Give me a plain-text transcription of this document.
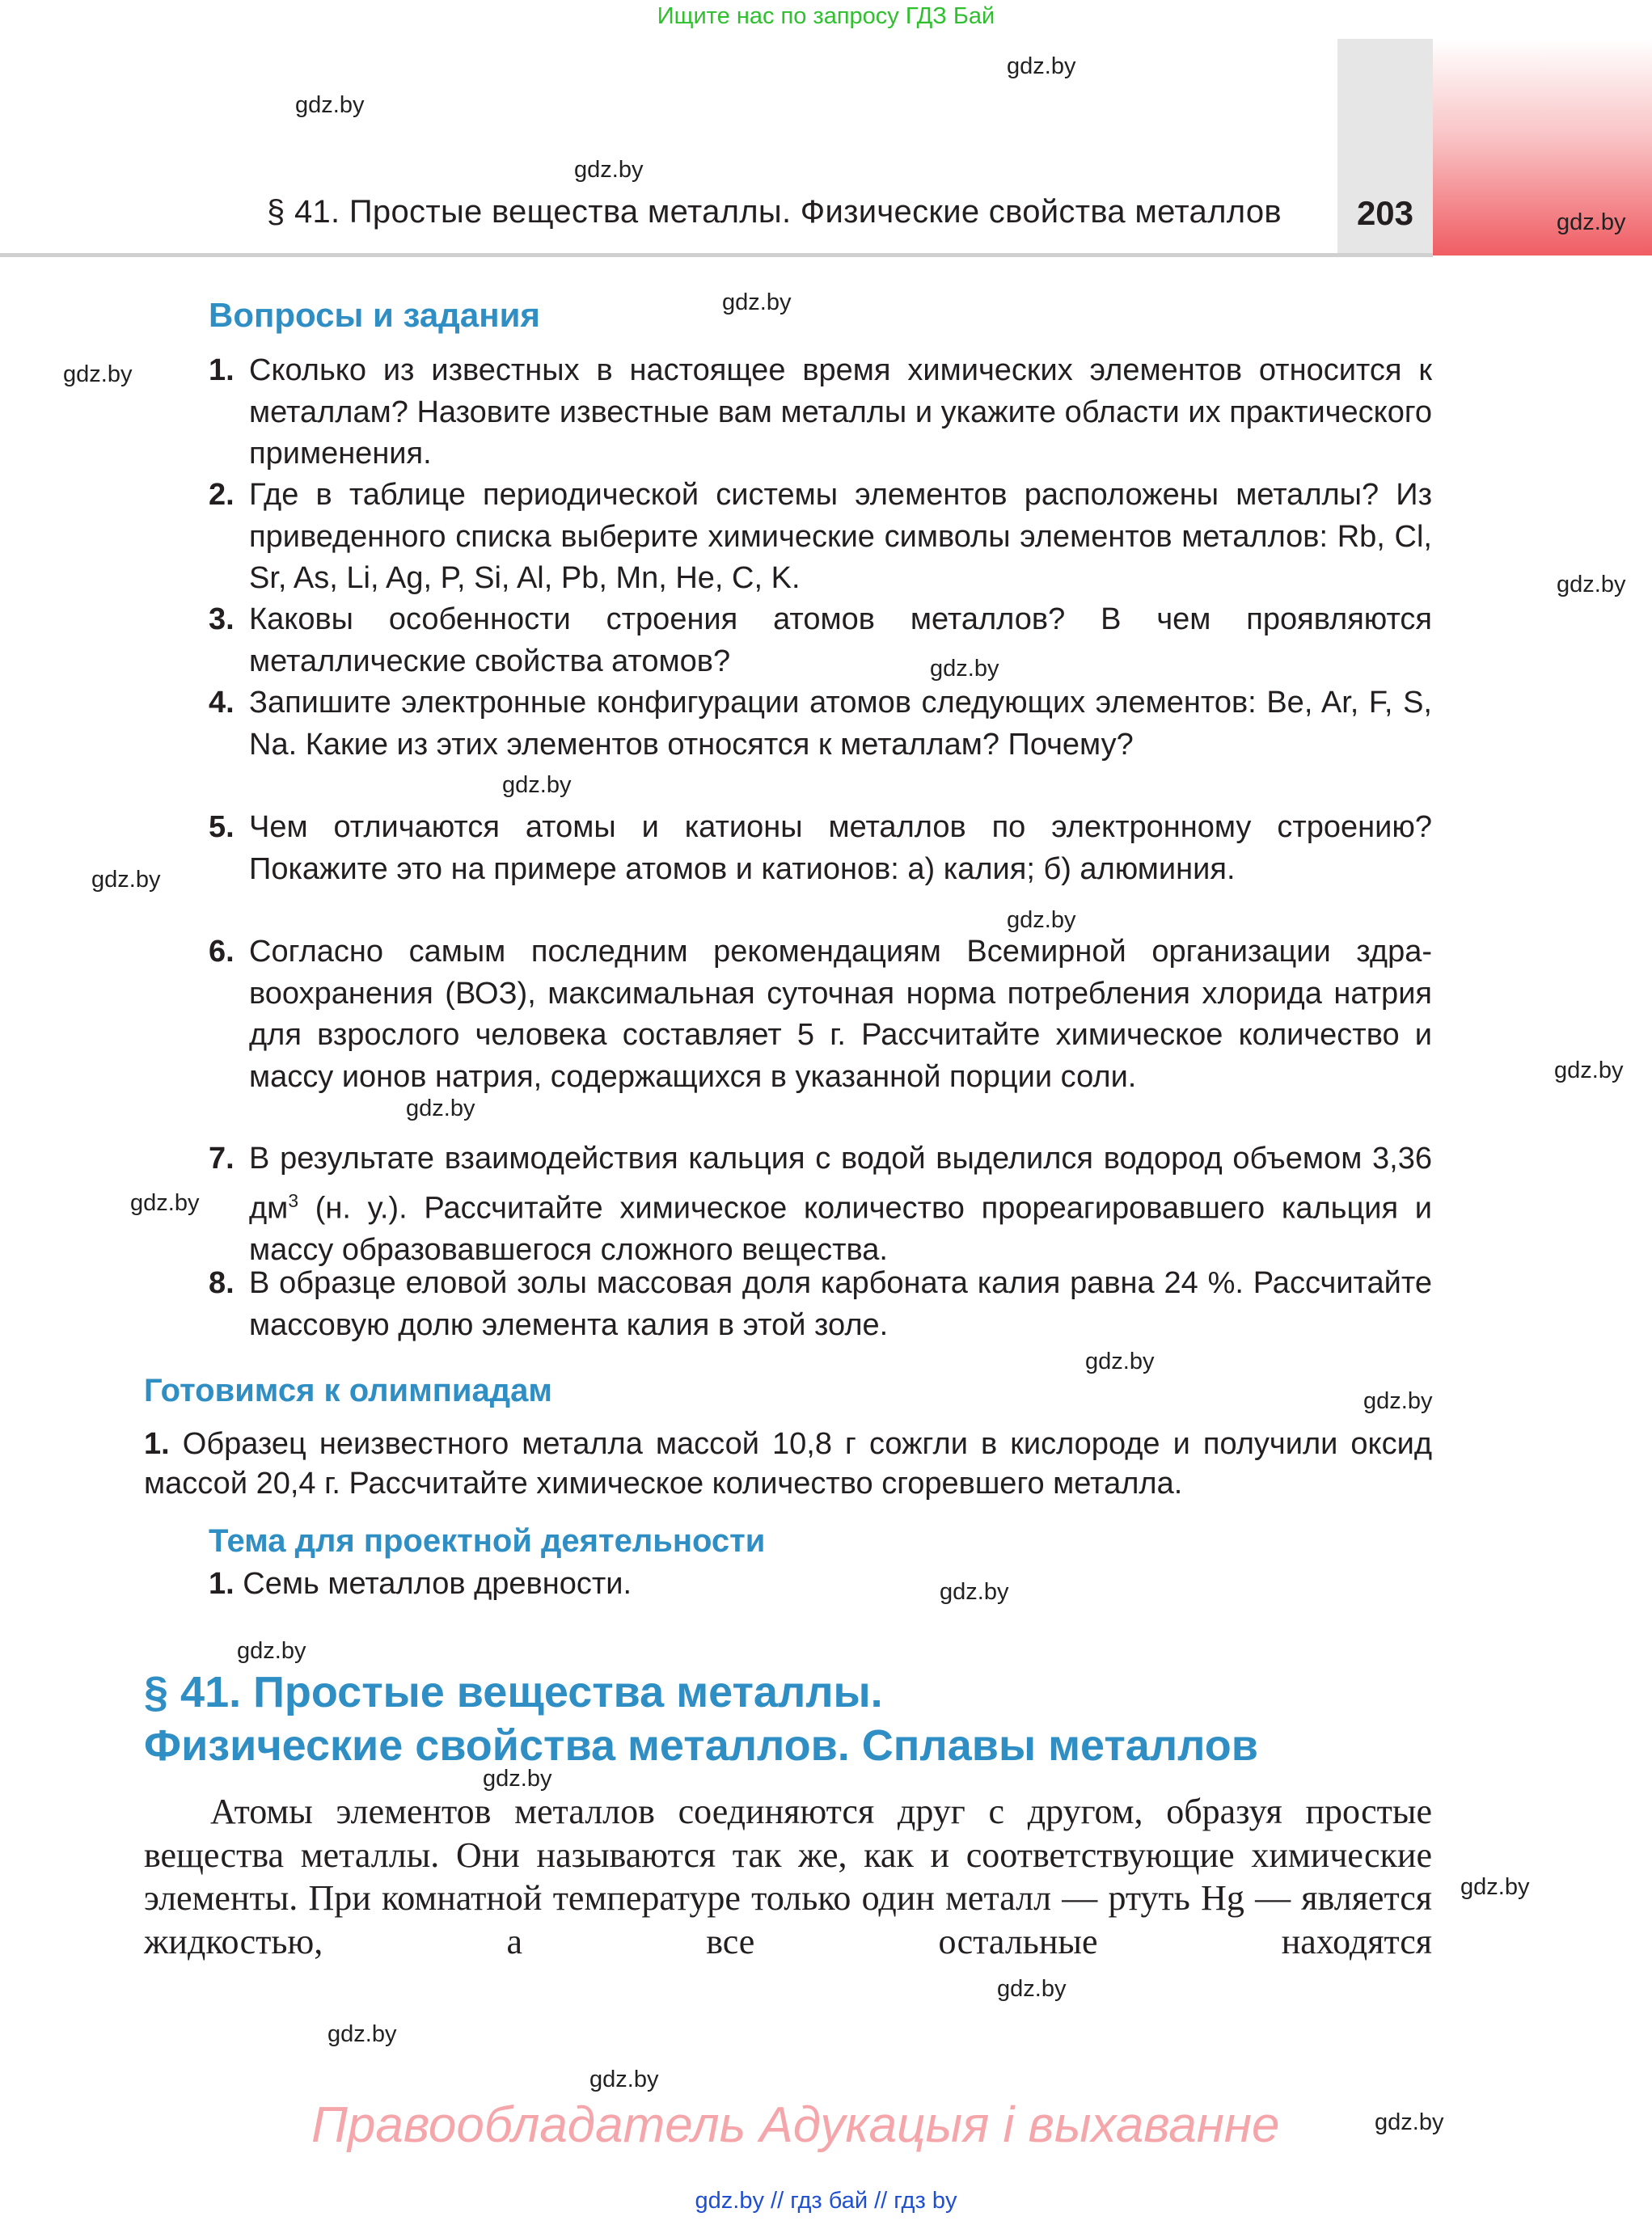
Ищите нас по запросу ГДЗ Бай
§ 41. Простые вещества металлы. Физические свойства металлов	203
Вопросы и задания
1. Сколько из известных в настоящее время химических элементов относится к металлам? Назовите известные вам металлы и укажите области их практического применения.
2. Где в таблице периодической системы элементов расположены металлы? Из приведенного списка выберите химические символы элементов металлов: Rb, Cl, Sr, As, Li, Ag, P, Si, Al, Pb, Mn, He, C, K.
3. Каковы особенности строения атомов металлов? В чем проявляются металлические свойства атомов?
4. Запишите электронные конфигурации атомов следующих элементов: Be, Ar, F, S, Na. Какие из этих элементов относятся к металлам? Почему?
5. Чем отличаются атомы и катионы металлов по электронному строению? Покажите это на примере атомов и катионов: а) калия; б) алюминия.
6. Согласно самым последним рекомендациям Всемирной организации здравоохранения (ВОЗ), максимальная суточная норма потребления хлорида натрия для взрослого человека составляет 5 г. Рассчитайте химическое количество и массу ионов натрия, содержащихся в указанной порции соли.
7. В результате взаимодействия кальция с водой выделился водород объемом 3,36 $дм^3$ (н. у.). Рассчитайте химическое количество прореагировавшего кальция и массу образовавшегося сложного вещества.
8. В образце еловой золы массовая доля карбоната калия равна 24 %. Рассчитайте массовую долю элемента калия в этой золе.
Готовимся к олимпиадам
1. Образец неизвестного металла массой 10,8 г сожгли в кислороде и получили оксид массой 20,4 г. Рассчитайте химическое количество сгоревшего металла.
Тема для проектной деятельности
1. Семь металлов древности.
§ 41. Простые вещества металлы.
Физические свойства металлов. Сплавы металлов
Атомы элементов металлов соединяются друг с другом, образуя простые вещества металлы. Они называются так же, как и соответствующие химические элементы. При комнатной температуре только один металл — ртуть Hg — является жидкостью, а все остальные находятся
Правообладатель Адукацыя і выхаванне
gdz.by // гдз бай // гдз by
gdz.by
gdz.by
gdz.by
gdz.by
gdz.by
gdz.by
gdz.by
gdz.by
gdz.by
gdz.by
gdz.by
gdz.by
gdz.by
gdz.by
gdz.by
gdz.by
gdz.by
gdz.by
gdz.by
gdz.by
gdz.by
gdz.by
gdz.by
gdz.by
